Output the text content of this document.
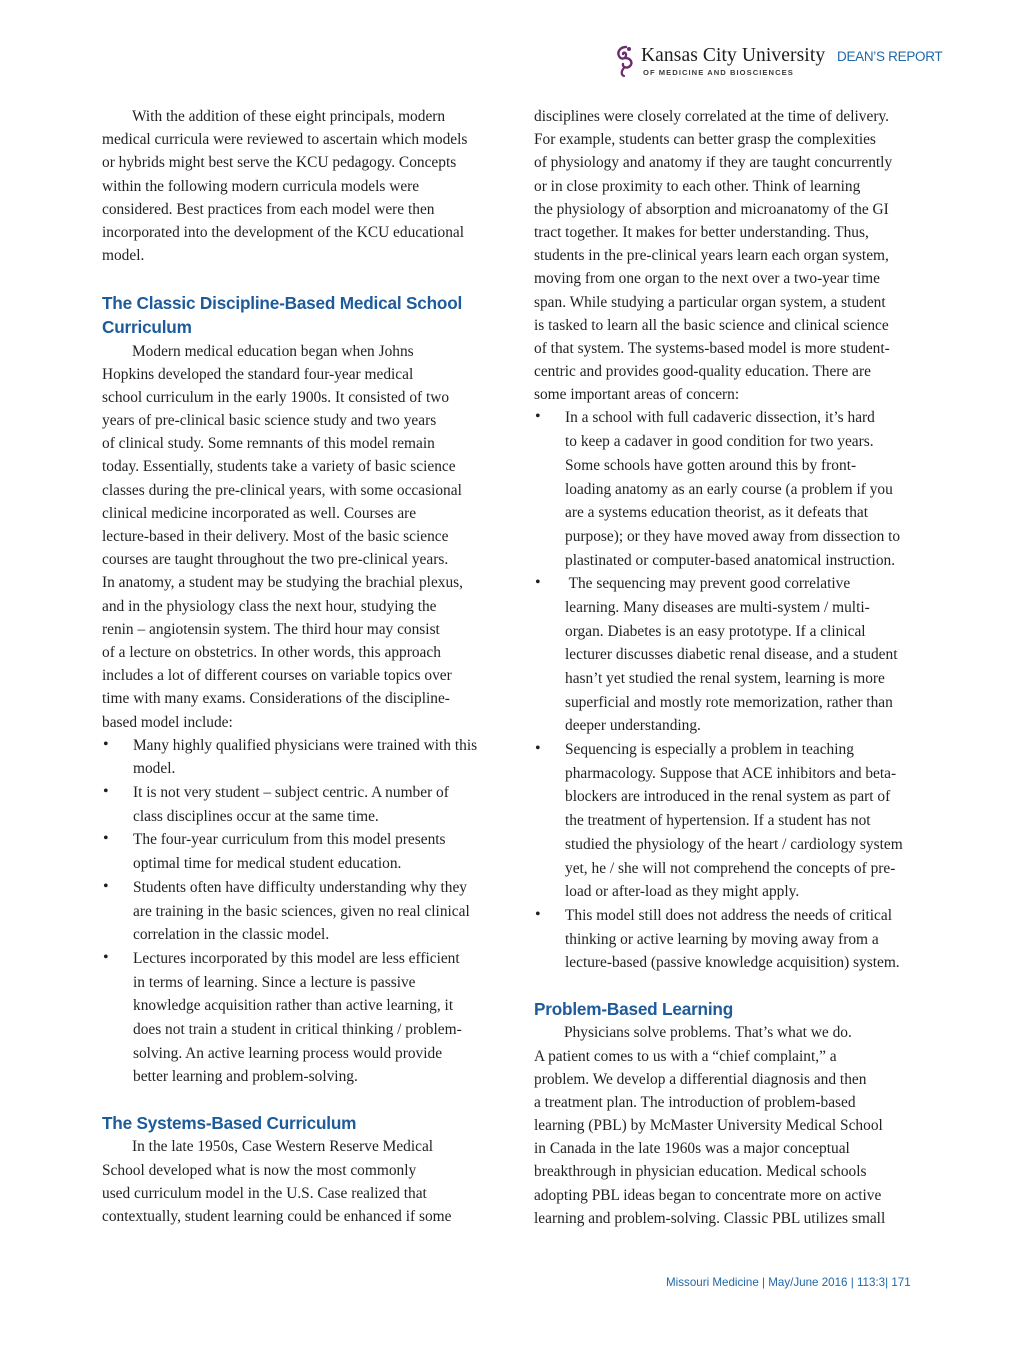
Kansas City University
OF MEDICINE AND BIOSCIENCES
DEAN’S REPORT

With the addition of these eight principals, modern

medical curricula were reviewed to ascertain which models

or hybrids might best serve the KCU pedagogy. Concepts

within the following modern curricula models were

considered. Best practices from each model were then

incorporated into the development of the KCU educational

model.

The Classic Discipline-Based Medical School
Curriculum

Modern medical education began when Johns

Hopkins developed the standard four-year medical

school curriculum in the early 1900s. It consisted of two

years of pre-clinical basic science study and two years

of clinical study. Some remnants of this model remain

today. Essentially, students take a variety of basic science

classes during the pre-clinical years, with some occasional

clinical medicine incorporated as well. Courses are

lecture-based in their delivery. Most of the basic science

courses are taught throughout the two pre-clinical years.

In anatomy, a student may be studying the brachial plexus,

and in the physiology class the next hour, studying the

renin – angiotensin system. The third hour may consist

of a lecture on obstetrics. In other words, this approach

includes a lot of different courses on variable topics over

time with many exams. Considerations of the discipline-

based model include:

• Many highly qualified physicians were trained with this
model.
• It is not very student – subject centric. A number of
class disciplines occur at the same time.
• The four-year curriculum from this model presents
optimal time for medical student education.
• Students often have difficulty understanding why they
are training in the basic sciences, given no real clinical
correlation in the classic model.
• Lectures incorporated by this model are less efficient
in terms of learning. Since a lecture is passive
knowledge acquisition rather than active learning, it
does not train a student in critical thinking / problem-
solving. An active learning process would provide
better learning and problem-solving.
The Systems-Based Curriculum

In the late 1950s, Case Western Reserve Medical

School developed what is now the most commonly

used curriculum model in the U.S. Case realized that

contextually, student learning could be enhanced if some

disciplines were closely correlated at the time of delivery.

For example, students can better grasp the complexities

of physiology and anatomy if they are taught concurrently

or in close proximity to each other. Think of learning

the physiology of absorption and microanatomy of the GI

tract together. It makes for better understanding. Thus,

students in the pre-clinical years learn each organ system,

moving from one organ to the next over a two-year time

span. While studying a particular organ system, a student

is tasked to learn all the basic science and clinical science

of that system. The systems-based model is more student-

centric and provides good-quality education. There are

some important areas of concern:

• In a school with full cadaveric dissection, it’s hard
to keep a cadaver in good condition for two years.
Some schools have gotten around this by front-
loading anatomy as an early course (a problem if you
are a systems education theorist, as it defeats that
purpose); or they have moved away from dissection to
plastinated or computer-based anatomical instruction.
• The sequencing may prevent good correlative
learning. Many diseases are multi-system / multi-
organ. Diabetes is an easy prototype. If a clinical
lecturer discusses diabetic renal disease, and a student
hasn’t yet studied the renal system, learning is more
superficial and mostly rote memorization, rather than
deeper understanding.
• Sequencing is especially a problem in teaching
pharmacology. Suppose that ACE inhibitors and beta-
blockers are introduced in the renal system as part of
the treatment of hypertension. If a student has not
studied the physiology of the heart / cardiology system
yet, he / she will not comprehend the concepts of pre-
load or after-load as they might apply.
• This model still does not address the needs of critical
thinking or active learning by moving away from a
lecture-based (passive knowledge acquisition) system.
Problem-Based Learning

Physicians solve problems. That’s what we do.

A patient comes to us with a “chief complaint,” a

problem. We develop a differential diagnosis and then

a treatment plan. The introduction of problem-based

learning (PBL) by McMaster University Medical School

in Canada in the late 1960s was a major conceptual

breakthrough in physician education. Medical schools

adopting PBL ideas began to concentrate more on active

learning and problem-solving. Classic PBL utilizes small

Missouri Medicine | May/June 2016 | 113:3| 171
